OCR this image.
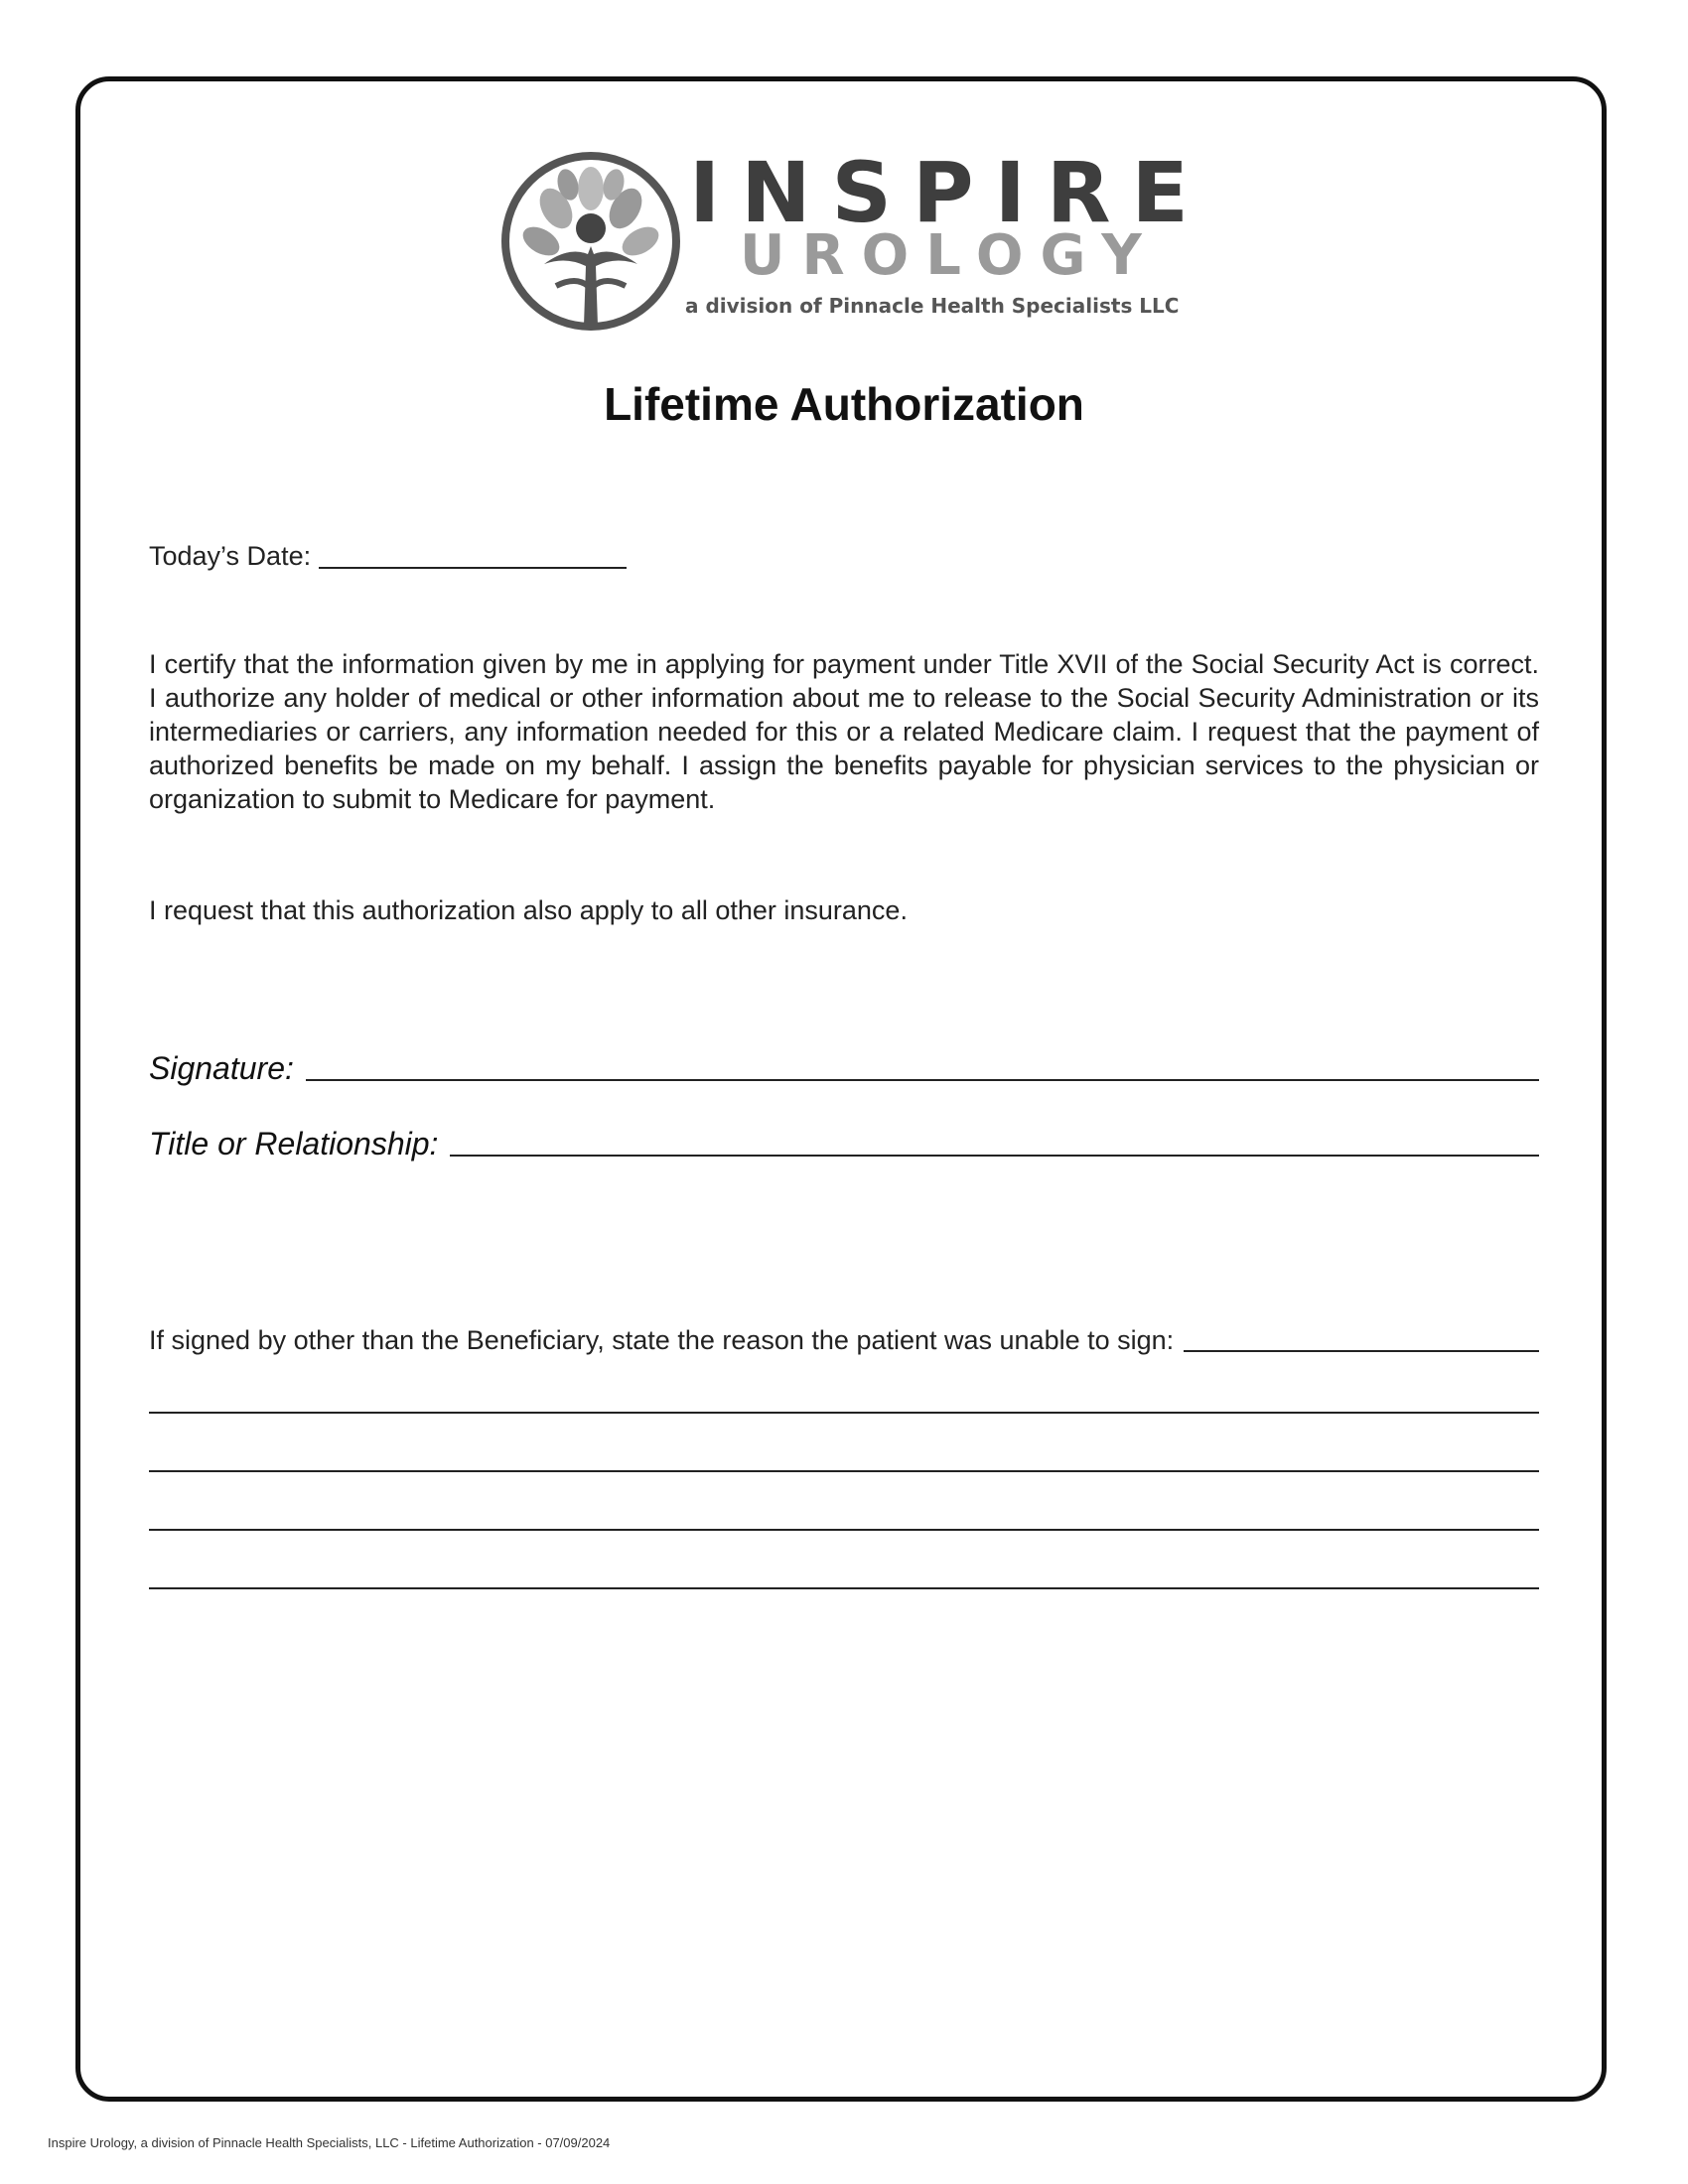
INSPIRE
UROLOGY
a division of Pinnacle Health Specialists LLC
Lifetime Authorization
Today’s Date:
I certify that the information given by me in applying for payment under Title XVII of the Social Security Act is correct. I authorize any holder of medical or other information about me to release to the Social Security Administration or its intermediaries or carriers, any information needed for this or a related Medicare claim. I request that the payment of authorized benefits be made on my behalf. I assign the benefits payable for physician services to the physician or organization to submit to Medicare for payment.
I request that this authorization also apply to all other insurance.
Signature:
Title or Relationship:
If signed by other than the Beneficiary, state the reason the patient was unable to sign:
Inspire Urology, a division of Pinnacle Health Specialists, LLC - Lifetime Authorization - 07/09/2024
